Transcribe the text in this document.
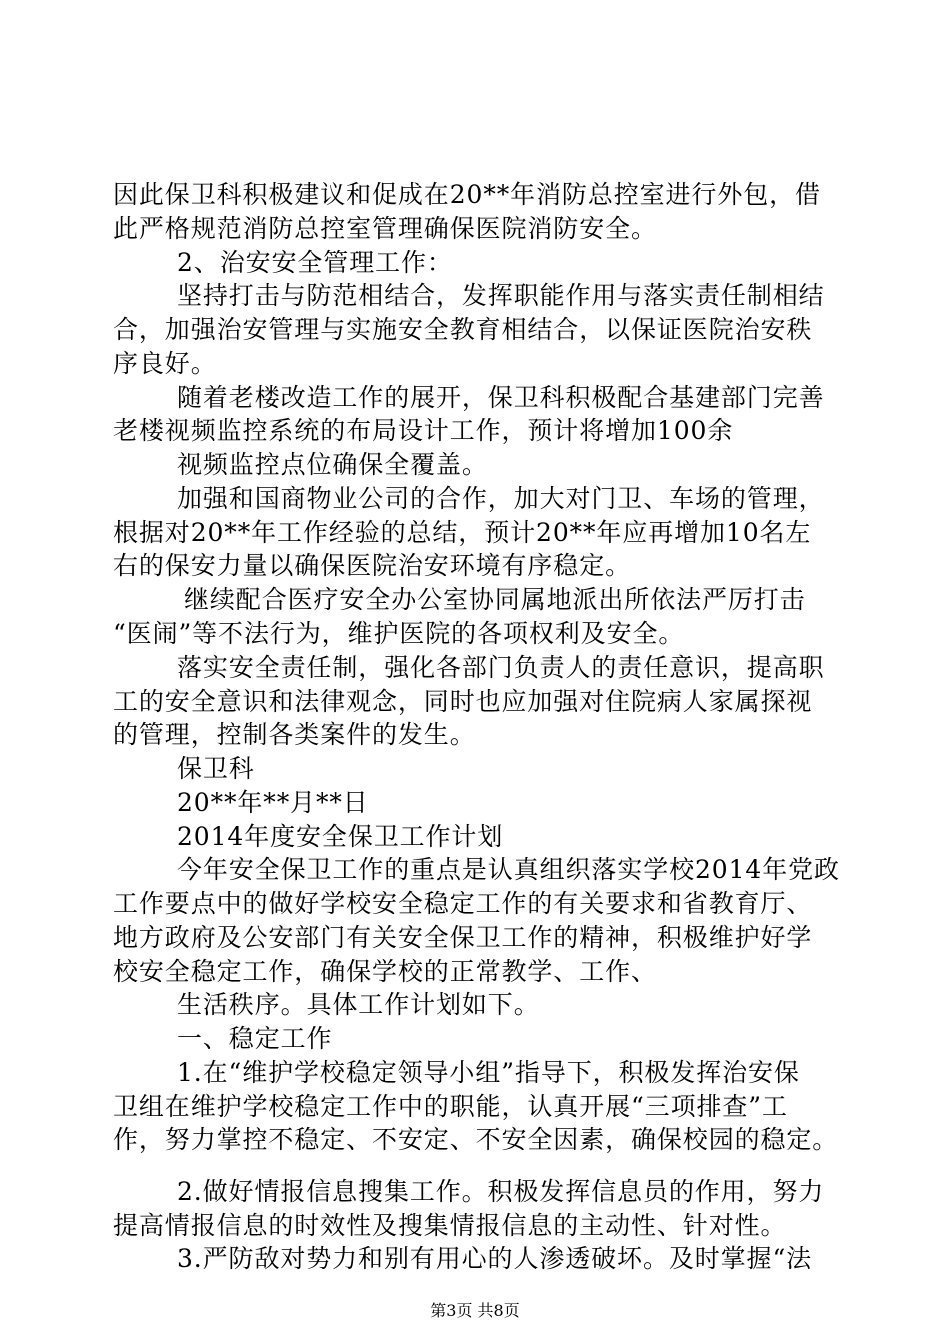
因此保卫科积极建议和促成在20**年消防总控室进行外包，借
此严格规范消防总控室管理确保医院消防安全。
2、治安安全管理工作：
坚持打击与防范相结合，发挥职能作用与落实责任制相结
合，加强治安管理与实施安全教育相结合，以保证医院治安秩
序良好。
随着老楼改造工作的展开，保卫科积极配合基建部门完善
老楼视频监控系统的布局设计工作，预计将增加100余
视频监控点位确保全覆盖。
加强和国商物业公司的合作，加大对门卫、车场的管理，
根据对20**年工作经验的总结，预计20**年应再增加10名左
右的保安力量以确保医院治安环境有序稳定。
继续配合医疗安全办公室协同属地派出所依法严厉打击
“医闹”等不法行为，维护医院的各项权利及安全。
落实安全责任制，强化各部门负责人的责任意识，提高职
工的安全意识和法律观念，同时也应加强对住院病人家属探视
的管理，控制各类案件的发生。
保卫科
20**年**月**日
2014年度安全保卫工作计划
今年安全保卫工作的重点是认真组织落实学校2014年党政
工作要点中的做好学校安全稳定工作的有关要求和省教育厅、
地方政府及公安部门有关安全保卫工作的精神，积极维护好学
校安全稳定工作，确保学校的正常教学、工作、
生活秩序。具体工作计划如下。
一、稳定工作
1.在“维护学校稳定领导小组”指导下，积极发挥治安保
卫组在维护学校稳定工作中的职能，认真开展“三项排查”工
作，努力掌控不稳定、不安定、不安全因素，确保校园的稳定。
2.做好情报信息搜集工作。积极发挥信息员的作用，努力
提高情报信息的时效性及搜集情报信息的主动性、针对性。
3.严防敌对势力和别有用心的人渗透破坏。及时掌握“法
第3页 共8页
